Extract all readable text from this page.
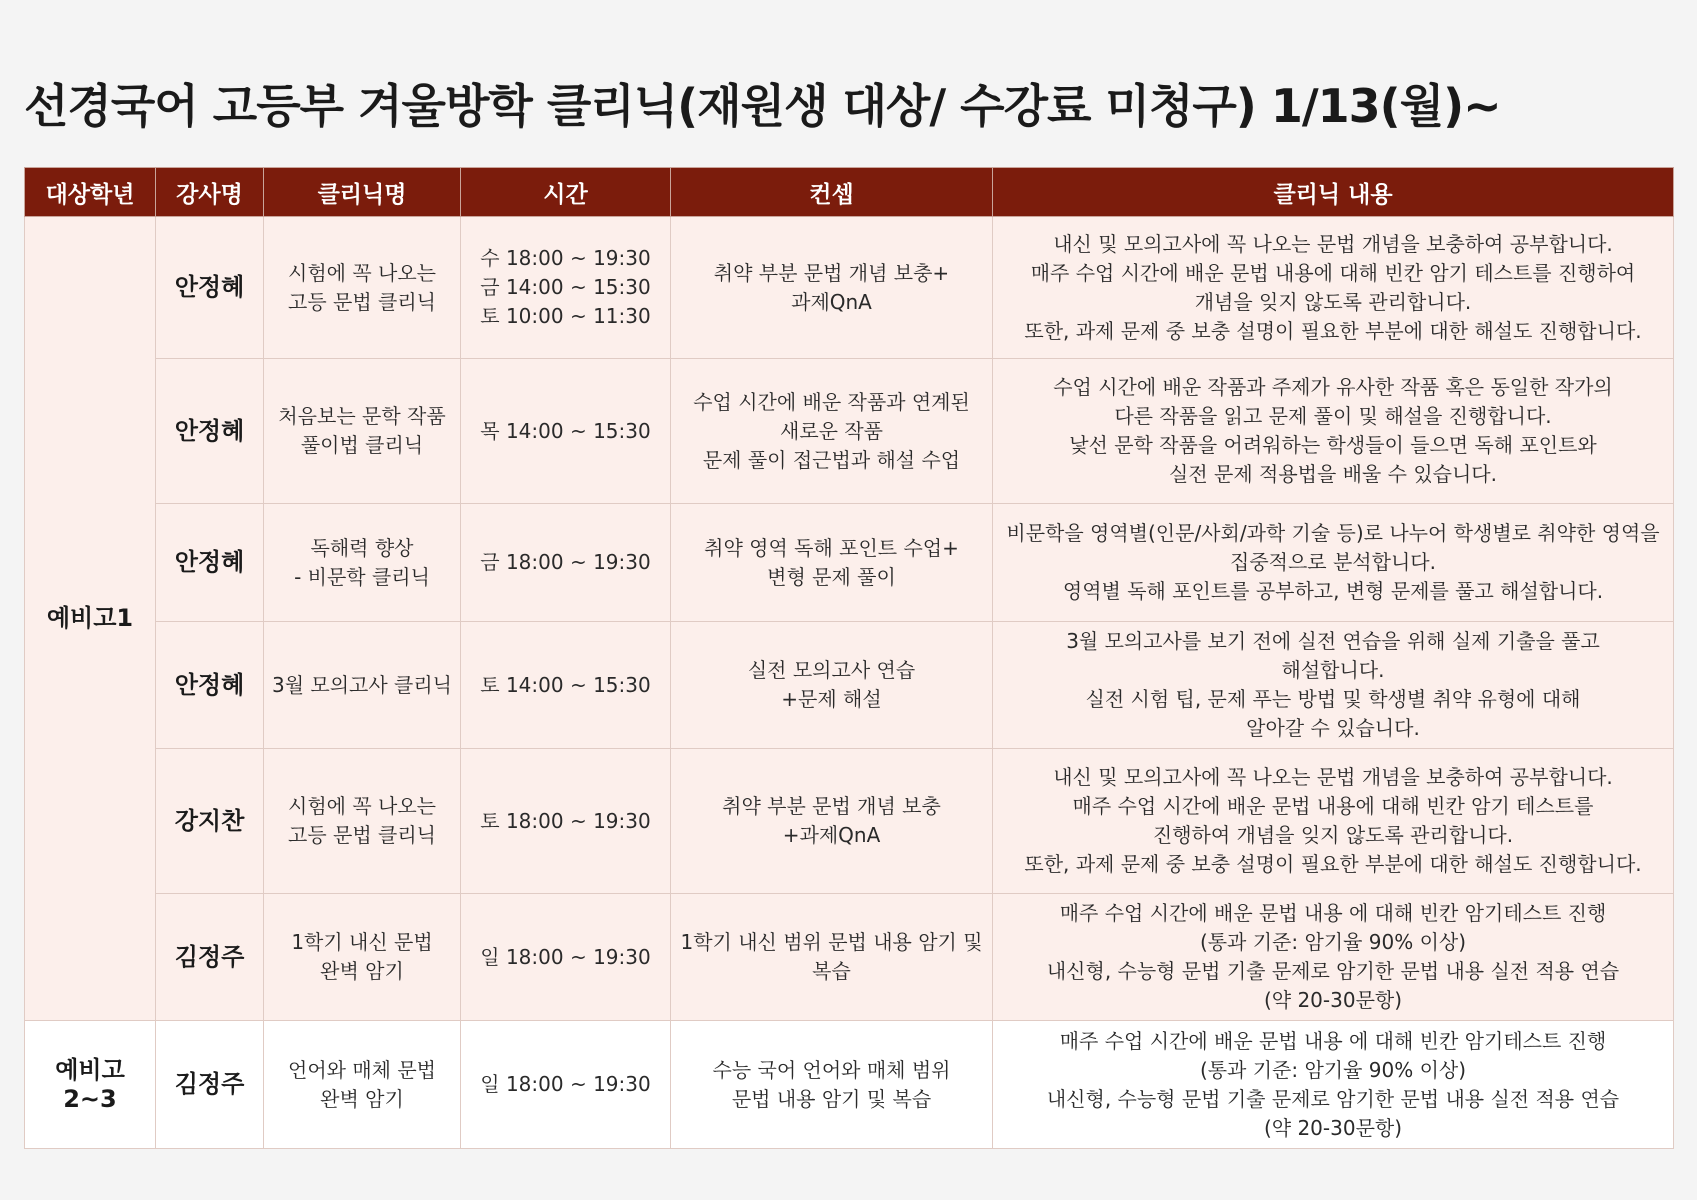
선경국어 고등부 겨울방학 클리닉(재원생 대상/ 수강료 미청구) 1/13(월)~
대상학년	강사명	클리닉명	시간	컨셉	클리닉 내용
예비고1	안정혜	시험에 꼭 나오는
고등 문법 클리닉	수 18:00 ~ 19:30
금 14:00 ~ 15:30
토 10:00 ~ 11:30	취약 부분 문법 개념 보충+
과제QnA	내신 및 모의고사에 꼭 나오는 문법 개념을 보충하여 공부합니다.
매주 수업 시간에 배운 문법 내용에 대해 빈칸 암기 테스트를 진행하여
개념을 잊지 않도록 관리합니다.
또한, 과제 문제 중 보충 설명이 필요한 부분에 대한 해설도 진행합니다.

	안정혜	처음보는 문학 작품
풀이법 클리닉	목 14:00 ~ 15:30	수업 시간에 배운 작품과 연계된
새로운 작품
문제 풀이 접근법과 해설 수업	수업 시간에 배운 작품과 주제가 유사한 작품 혹은 동일한 작가의
다른 작품을 읽고 문제 풀이 및 해설을 진행합니다.
낯선 문학 작품을 어려워하는 학생들이 들으면 독해 포인트와
실전 문제 적용법을 배울 수 있습니다.

	안정혜	독해력 향상
- 비문학 클리닉	금 18:00 ~ 19:30	취약 영역 독해 포인트 수업+
변형 문제 풀이	비문학을 영역별(인문/사회/과학 기술 등)로 나누어 학생별로 취약한 영역을
집중적으로 분석합니다.
영역별 독해 포인트를 공부하고, 변형 문제를 풀고 해설합니다.

	안정혜	3월 모의고사 클리닉	토 14:00 ~ 15:30	실전 모의고사 연습
+문제 해설	3월 모의고사를 보기 전에 실전 연습을 위해 실제 기출을 풀고
해설합니다.
실전 시험 팁, 문제 푸는 방법 및 학생별 취약 유형에 대해
알아갈 수 있습니다.

	강지찬	시험에 꼭 나오는
고등 문법 클리닉	토 18:00 ~ 19:30	취약 부분 문법 개념 보충
+과제QnA	내신 및 모의고사에 꼭 나오는 문법 개념을 보충하여 공부합니다.
매주 수업 시간에 배운 문법 내용에 대해 빈칸 암기 테스트를
진행하여 개념을 잊지 않도록 관리합니다.
또한, 과제 문제 중 보충 설명이 필요한 부분에 대한 해설도 진행합니다.

	김정주	1학기 내신 문법
완벽 암기	일 18:00 ~ 19:30	1학기 내신 범위 문법 내용 암기 및
복습	매주 수업 시간에 배운 문법 내용 에 대해 빈칸 암기테스트 진행
(통과 기준: 암기율 90% 이상)
내신형, 수능형 문법 기출 문제로 암기한 문법 내용 실전 적용 연습
(약 20-30문항)

예비고
2~3	김정주	언어와 매체 문법
완벽 암기	일 18:00 ~ 19:30	수능 국어 언어와 매체 범위
문법 내용 암기 및 복습	매주 수업 시간에 배운 문법 내용 에 대해 빈칸 암기테스트 진행
(통과 기준: 암기율 90% 이상)
내신형, 수능형 문법 기출 문제로 암기한 문법 내용 실전 적용 연습
(약 20-30문항)
